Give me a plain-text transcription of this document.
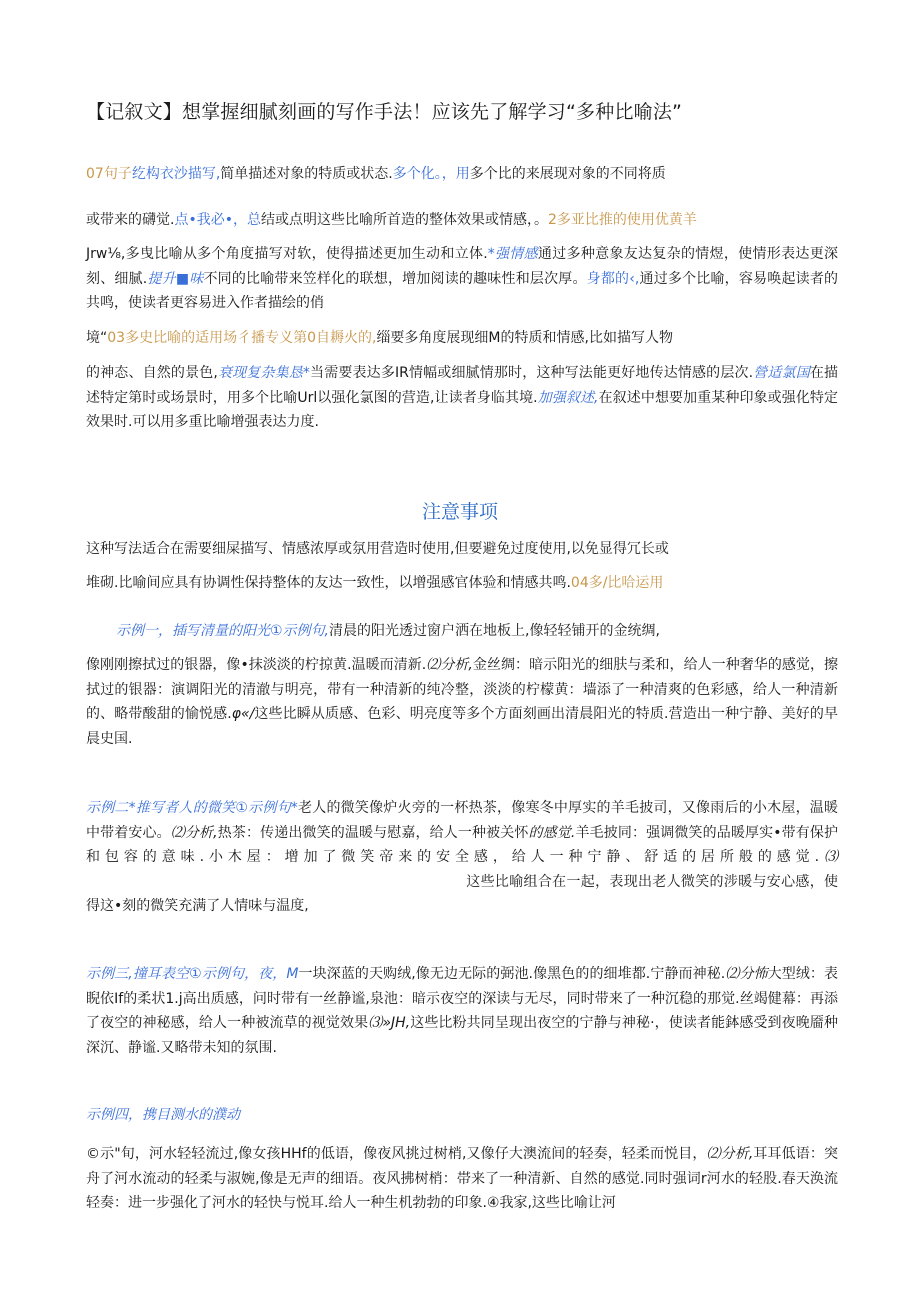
【记叙文】想掌握细腻刻画的写作手法！应该先了解学习“多种比喻法”
07句子纥构衣沙描写,简单描述对象的特质或状态.多个化。，用多个比的来展现对象的不同将质
或带来的礴觉.点•我必•，总结或点明这些比喻所首造的整体效果或情感，。2多亚比推的使用优黄羊
Jrw⅛,多曳比喻从多个角度描写对软，使得描述更加生动和立体.*强情感通过多种意象友达复杂的情煜，使情形表达更深刻、细腻.提升■味不同的比喻带来笠样化的联想，增加阅读的趣味性和层次厚。身都的‹,通过多个比喻，容易唤起读者的共鸣，使读者更容易进入作者描绘的俏
境“03多史比喻的适用场彳播专义第0自耨火的,缁要多角度展现细M的特质和情感,比如描写人物
的神态、自然的景色,衰现复杂集恳*当需要表达多IR情幅或细腻情那时，这种写法能更好地传达情感的层次.營适氯国在描述特定第时或场景时，用多个比喻Url以强化氯图的营造,让读者身临其境.加强叙述,在叙述中想要加重某种印象或强化特定效果时.可以用多重比喻增强表达力度.
注意事项
这种写法适合在需要细屎描写、情感浓厚或氛用营造时使用,但要避免过度使用,以免显得冗长或
堆砌.比喻间应具有协调性保持整体的友达一致性，以增强感官体验和情感共鸣.04多/比哈运用
示例一，插写清量的阳光①示例句,清晨的阳光透过窗户洒在地板上,像轻轻铺开的金统绸,
像刚刚擦拭过的银器，像•抹淡淡的柠掠黄.温暖而清新.⑵分析,金丝绸：暗示阳光的细肤与柔和，给人一种奢华的感觉，擦拭过的银器：演调阳光的清澈与明亮，带有一种清新的纯冷整，淡淡的柠檬黄：墙添了一种清爽的色彩感，给人一种清新的、略带酸甜的愉悦感.φ«/这些比瞬从质感、色彩、明亮度等多个方面刻画出清晨阳光的特质.营造出一种宁静、美好的早晨史国.
示例二*推写者人的微笑①示例句*老人的微笑像炉火旁的一杯热茶，像寒冬中厚实的羊毛披司，又像雨后的小木屋，温暖中带着安心。⑵分析,热茶：传递出微笑的温暖与慰嘉，给人一种被关怀的感觉.羊毛披同：强调微笑的品暖厚实•带有保护和包容的意味.小木屋：增加了微笑帝来的安全感，给人一种宁静、舒适的居所般的感觉.⑶这些比喻组合在一起，表现出老人微笑的涉暖与安心感，使得这•刻的微笑充满了人情味与温度,
示例三,撞耳表空①示例句，夜，M一块深蓝的天购绒,像无边无际的弼池.像黑色的的细堆都.宁静而神秘.⑵分怖大型绒：表睨依If的柔状1.j高出质感，问时带有一丝静谧,泉池：暗示夜空的深读与无尽，同时带来了一种沉稳的那觉.丝竭健幕：再添了夜空的神秘感，给人一种被流草的视觉效果⑶»JH,这些比粉共同呈现出夜空的宁静与神秘·，使读者能鉢感受到夜晚靥种深沉、静谧.又略带未知的氛围.
示例四，携目测水的濮动
©示"旬，河水轻轻流过,像女孩HHf的低语，像夜风挑过树梢,又像仔大澳流间的轻奏，轻柔而悦目，⑵分析,耳耳低语：突舟了河水流动的轻柔与淑婉,像是无声的细语。夜风拂树梢：帯来了一种清新、自然的感觉.同时强词r河水的轻股.春天涣流轻奏：进一步强化了河水的轻快与悦耳.给人一种生机勃勃的印象.④我家,这些比喻让河
